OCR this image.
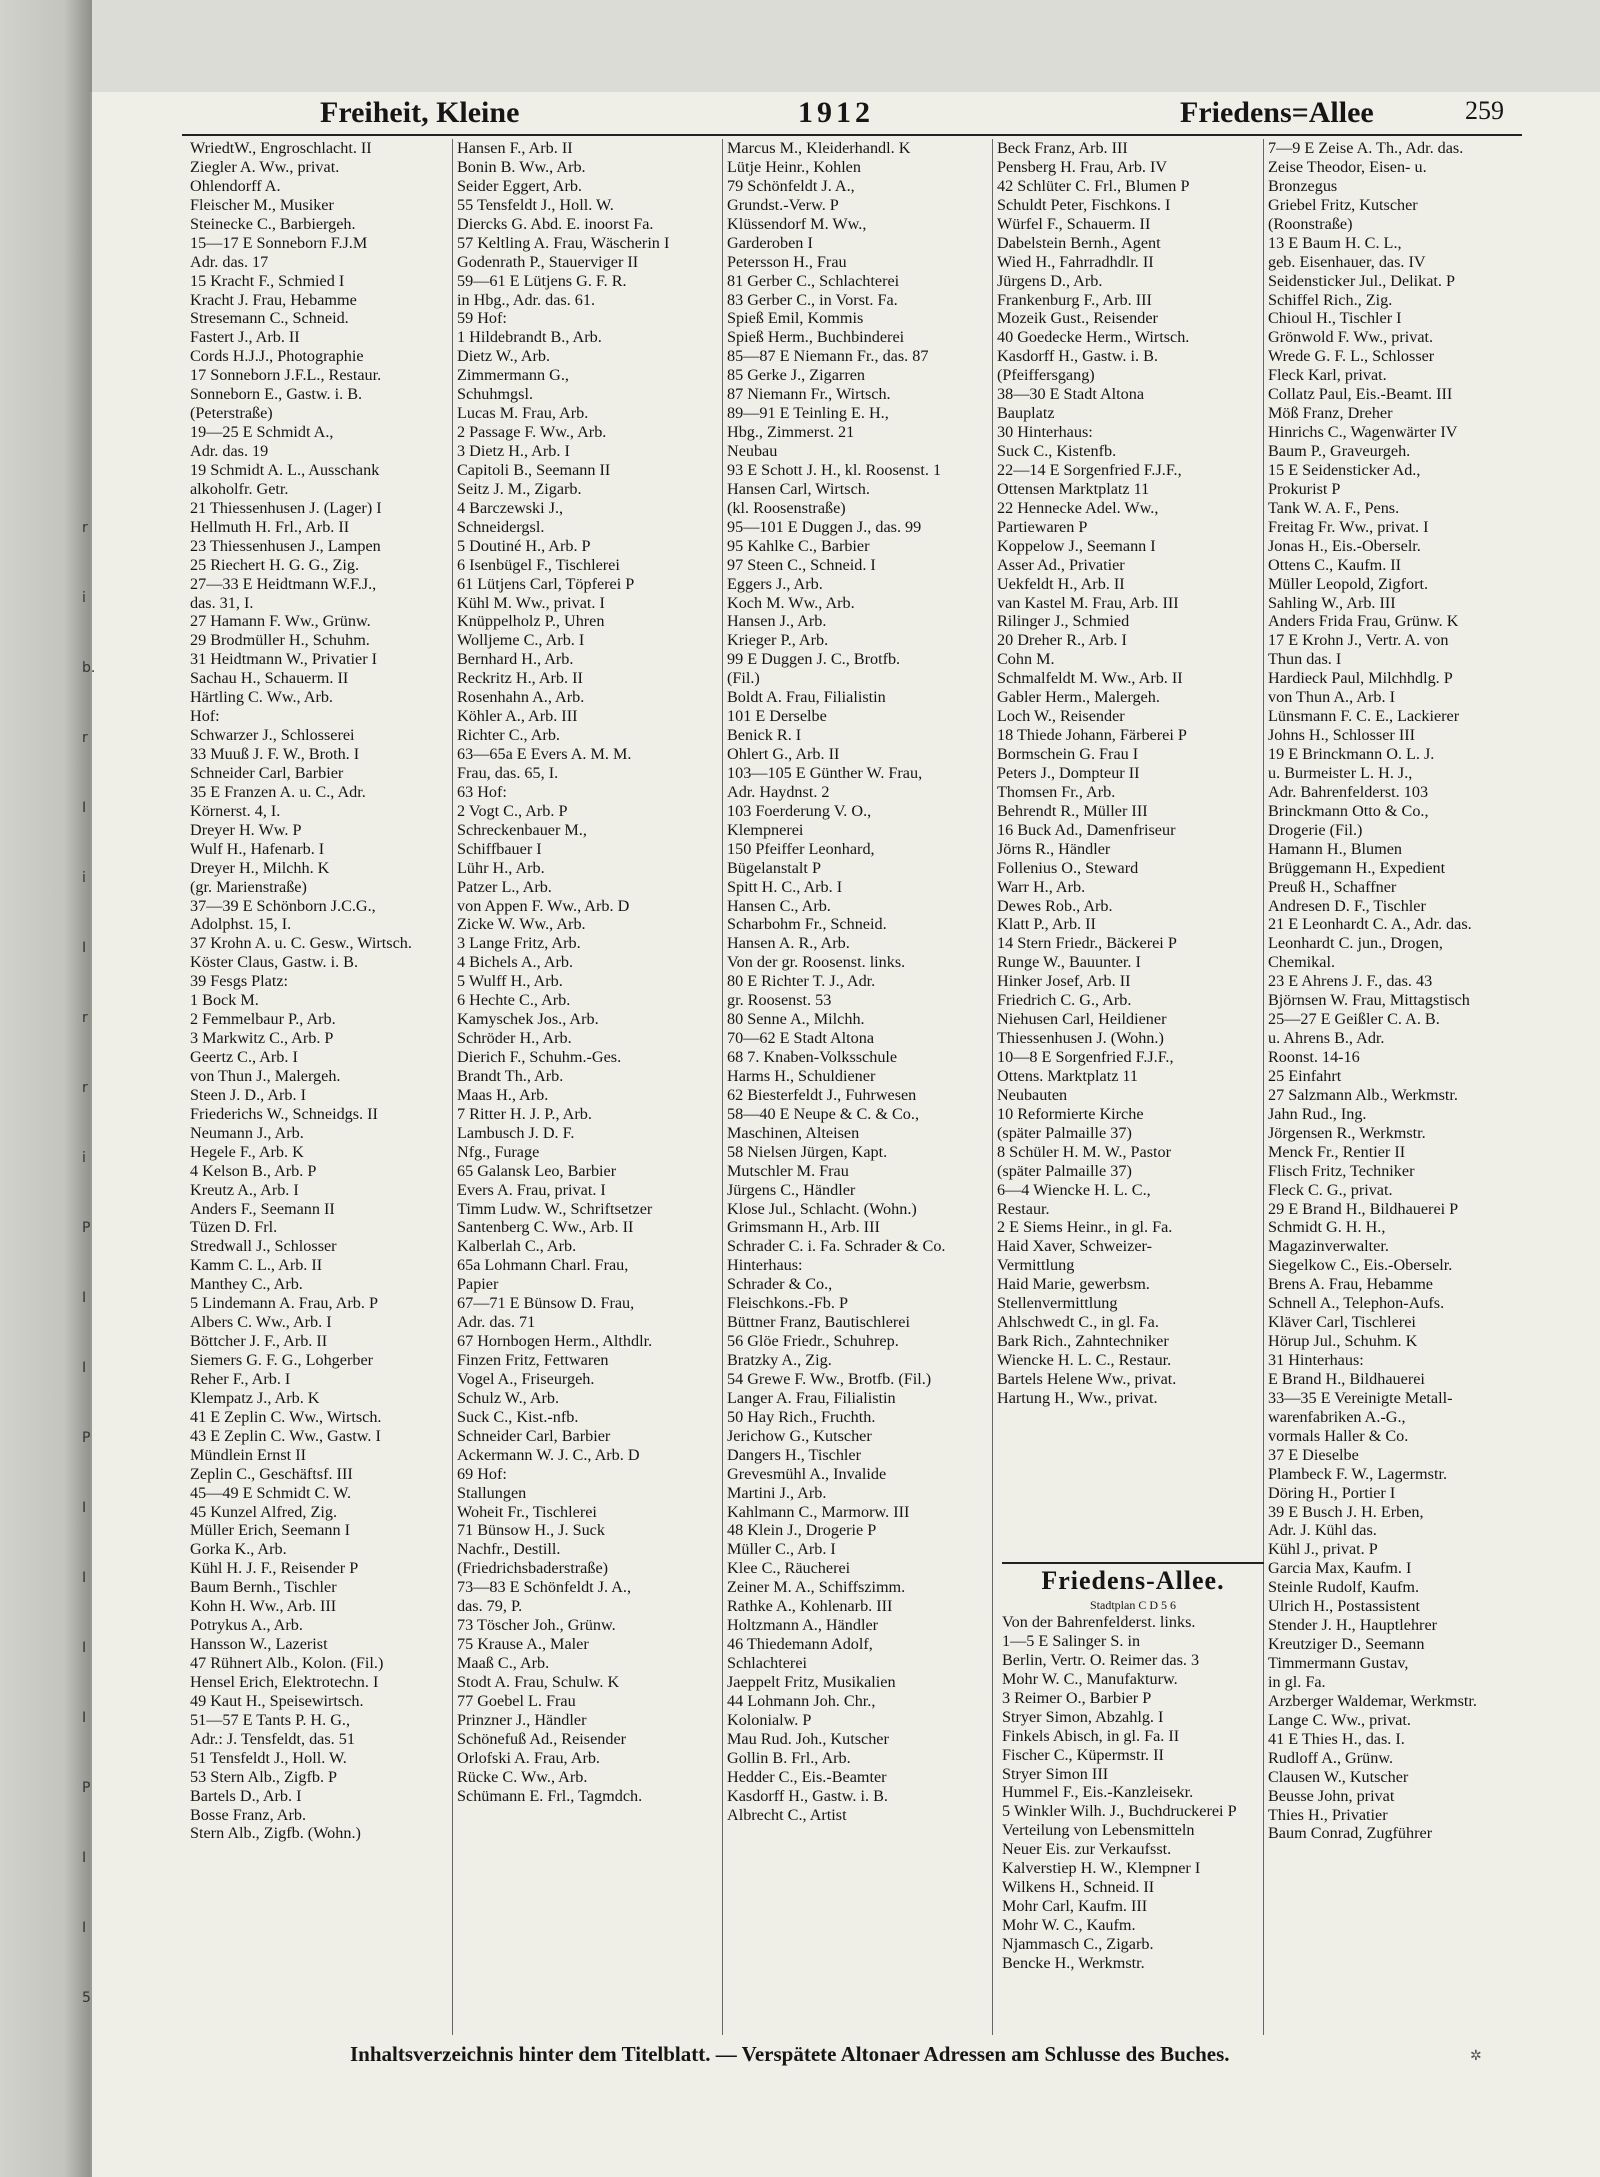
r
i
b.
r
I
i
I
r
r
i
P
I
I
P
I
I
I
I
P
I
I
5
Freiheit, Kleine	1912	Friedens=Allee	259
WriedtW., Engroschlacht. II
Ziegler A. Ww., privat.
Ohlendorff A.
Fleischer M., Musiker
Steinecke C., Barbiergeh.
15—17 E Sonneborn F.J.M
Adr. das. 17
15 Kracht F., Schmied I
Kracht J. Frau, Hebamme
Stresemann C., Schneid.
Fastert J., Arb. II
Cords H.J.J., Photographie
17 Sonneborn J.F.L., Restaur.
Sonneborn E., Gastw. i. B.
(Peterstraße)
19—25 E Schmidt A.,
Adr. das. 19
19 Schmidt A. L., Ausschank
alkoholfr. Getr.
21 Thiessenhusen J. (Lager) I
Hellmuth H. Frl., Arb. II
23 Thiessenhusen J., Lampen
25 Riechert H. G. G., Zig.
27—33 E Heidtmann W.F.J.,
das. 31, I.
27 Hamann F. Ww., Grünw.
29 Brodmüller H., Schuhm.
31 Heidtmann W., Privatier I
Sachau H., Schauerm. II
Härtling C. Ww., Arb.
Hof:
Schwarzer J., Schlosserei
33 Muuß J. F. W., Broth. I
Schneider Carl, Barbier
35 E Franzen A. u. C., Adr.
Körnerst. 4, I.
Dreyer H. Ww. P
Wulf H., Hafenarb. I
Dreyer H., Milchh. K
(gr. Marienstraße)
37—39 E Schönborn J.C.G.,
Adolphst. 15, I.
37 Krohn A. u. C. Gesw., Wirtsch.
Köster Claus, Gastw. i. B.
39 Fesgs Platz:
1 Bock M.
2 Femmelbaur P., Arb.
3 Markwitz C., Arb. P
Geertz C., Arb. I
von Thun J., Malergeh.
Steen J. D., Arb. I
Friederichs W., Schneidgs. II
Neumann J., Arb.
Hegele F., Arb. K
4 Kelson B., Arb. P
Kreutz A., Arb. I
Anders F., Seemann II
Tüzen D. Frl.
Stredwall J., Schlosser
Kamm C. L., Arb. II
Manthey C., Arb.
5 Lindemann A. Frau, Arb. P
Albers C. Ww., Arb. I
Böttcher J. F., Arb. II
Siemers G. F. G., Lohgerber
Reher F., Arb. I
Klempatz J., Arb. K
41 E Zeplin C. Ww., Wirtsch.
43 E Zeplin C. Ww., Gastw. I
Mündlein Ernst II
Zeplin C., Geschäftsf. III
45—49 E Schmidt C. W.
45 Kunzel Alfred, Zig.
Müller Erich, Seemann I
Gorka K., Arb.
Kühl H. J. F., Reisender P
Baum Bernh., Tischler
Kohn H. Ww., Arb. III
Potrykus A., Arb.
Hansson W., Lazerist
47 Rühnert Alb., Kolon. (Fil.)
Hensel Erich, Elektrotechn. I
49 Kaut H., Speisewirtsch.
51—57 E Tants P. H. G.,
Adr.: J. Tensfeldt, das. 51
51 Tensfeldt J., Holl. W.
53 Stern Alb., Zigfb. P
Bartels D., Arb. I
Bosse Franz, Arb.
Stern Alb., Zigfb. (Wohn.)
Hansen F., Arb. II
Bonin B. Ww., Arb.
Seider Eggert, Arb.
55 Tensfeldt J., Holl. W.
Diercks G. Abd. E. inoorst Fa.
57 Keltling A. Frau, Wäscherin I
Godenrath P., Stauerviger II
59—61 E Lütjens G. F. R.
in Hbg., Adr. das. 61.
59 Hof:
1 Hildebrandt B., Arb.
Dietz W., Arb.
Zimmermann G.,
Schuhmgsl.
Lucas M. Frau, Arb.
2 Passage F. Ww., Arb.
3 Dietz H., Arb. I
Capitoli B., Seemann II
Seitz J. M., Zigarb.
4 Barczewski J.,
Schneidergsl.
5 Doutiné H., Arb. P
6 Isenbügel F., Tischlerei
61 Lütjens Carl, Töpferei P
Kühl M. Ww., privat. I
Knüppelholz P., Uhren
Wolljeme C., Arb. I
Bernhard H., Arb.
Reckritz H., Arb. II
Rosenhahn A., Arb.
Köhler A., Arb. III
Richter C., Arb.
63—65a E Evers A. M. M.
Frau, das. 65, I.
63 Hof:
2 Vogt C., Arb. P
Schreckenbauer M.,
Schiffbauer I
Lühr H., Arb.
Patzer L., Arb.
von Appen F. Ww., Arb. D
Zicke W. Ww., Arb.
3 Lange Fritz, Arb.
4 Bichels A., Arb.
5 Wulff H., Arb.
6 Hechte C., Arb.
Kamyschek Jos., Arb.
Schröder H., Arb.
Dierich F., Schuhm.-Ges.
Brandt Th., Arb.
Maas H., Arb.
7 Ritter H. J. P., Arb.
Lambusch J. D. F.
Nfg., Furage
65 Galansk Leo, Barbier
Evers A. Frau, privat. I
Timm Ludw. W., Schriftsetzer
Santenberg C. Ww., Arb. II
Kalberlah C., Arb.
65a Lohmann Charl. Frau,
Papier
67—71 E Bünsow D. Frau,
Adr. das. 71
67 Hornbogen Herm., Althdlr.
Finzen Fritz, Fettwaren
Vogel A., Friseurgeh.
Schulz W., Arb.
Suck C., Kist.-nfb.
Schneider Carl, Barbier
Ackermann W. J. C., Arb. D
69 Hof:
Stallungen
Woheit Fr., Tischlerei
71 Bünsow H., J. Suck
Nachfr., Destill.
(Friedrichsbaderstraße)
73—83 E Schönfeldt J. A.,
das. 79, P.
73 Töscher Joh., Grünw.
75 Krause A., Maler
Maaß C., Arb.
Stodt A. Frau, Schulw. K
77 Goebel L. Frau
Prinzner J., Händler
Schönefuß Ad., Reisender
Orlofski A. Frau, Arb.
Rücke C. Ww., Arb.
Schümann E. Frl., Tagmdch.
Marcus M., Kleiderhandl. K
Lütje Heinr., Kohlen
79 Schönfeldt J. A.,
Grundst.-Verw. P
Klüssendorf M. Ww.,
Garderoben I
Petersson H., Frau
81 Gerber C., Schlachterei
83 Gerber C., in Vorst. Fa.
Spieß Emil, Kommis
Spieß Herm., Buchbinderei
85—87 E Niemann Fr., das. 87
85 Gerke J., Zigarren
87 Niemann Fr., Wirtsch.
89—91 E Teinling E. H.,
Hbg., Zimmerst. 21
Neubau
93 E Schott J. H., kl. Roosenst. 1
Hansen Carl, Wirtsch.
(kl. Roosenstraße)
95—101 E Duggen J., das. 99
95 Kahlke C., Barbier
97 Steen C., Schneid. I
Eggers J., Arb.
Koch M. Ww., Arb.
Hansen J., Arb.
Krieger P., Arb.
99 E Duggen J. C., Brotfb.
(Fil.)
Boldt A. Frau, Filialistin
101 E Derselbe
Benick R. I
Ohlert G., Arb. II
103—105 E Günther W. Frau,
Adr. Haydnst. 2
103 Foerderung V. O.,
Klempnerei
150 Pfeiffer Leonhard,
Bügelanstalt P
Spitt H. C., Arb. I
Hansen C., Arb.
Scharbohm Fr., Schneid.
Hansen A. R., Arb.
Von der gr. Roosenst. links.
80 E Richter T. J., Adr.
gr. Roosenst. 53
80 Senne A., Milchh.
70—62 E Stadt Altona
68 7. Knaben-Volksschule
Harms H., Schuldiener
62 Biesterfeldt J., Fuhrwesen
58—40 E Neupe & C. & Co.,
Maschinen, Alteisen
58 Nielsen Jürgen, Kapt.
Mutschler M. Frau
Jürgens C., Händler
Klose Jul., Schlacht. (Wohn.)
Grimsmann H., Arb. III
Schrader C. i. Fa. Schrader & Co.
Hinterhaus:
Schrader & Co.,
Fleischkons.-Fb. P
Büttner Franz, Bautischlerei
56 Glöe Friedr., Schuhrep.
Bratzky A., Zig.
54 Grewe F. Ww., Brotfb. (Fil.)
Langer A. Frau, Filialistin
50 Hay Rich., Fruchth.
Jerichow G., Kutscher
Dangers H., Tischler
Grevesmühl A., Invalide
Martini J., Arb.
Kahlmann C., Marmorw. III
48 Klein J., Drogerie P
Müller C., Arb. I
Klee C., Räucherei
Zeiner M. A., Schiffszimm.
Rathke A., Kohlenarb. III
Holtzmann A., Händler
46 Thiedemann Adolf,
Schlachterei
Jaeppelt Fritz, Musikalien
44 Lohmann Joh. Chr.,
Kolonialw. P
Mau Rud. Joh., Kutscher
Gollin B. Frl., Arb.
Hedder C., Eis.-Beamter
Kasdorff H., Gastw. i. B.
Albrecht C., Artist
Beck Franz, Arb. III
Pensberg H. Frau, Arb. IV
42 Schlüter C. Frl., Blumen P
Schuldt Peter, Fischkons. I
Würfel F., Schauerm. II
Dabelstein Bernh., Agent
Wied H., Fahrradhdlr. II
Jürgens D., Arb.
Frankenburg F., Arb. III
Mozeik Gust., Reisender
40 Goedecke Herm., Wirtsch.
Kasdorff H., Gastw. i. B.
(Pfeiffersgang)
38—30 E Stadt Altona
Bauplatz
30 Hinterhaus:
Suck C., Kistenfb.
22—14 E Sorgenfried F.J.F.,
Ottensen Marktplatz 11
22 Hennecke Adel. Ww.,
Partiewaren P
Koppelow J., Seemann I
Asser Ad., Privatier
Uekfeldt H., Arb. II
van Kastel M. Frau, Arb. III
Rilinger J., Schmied
20 Dreher R., Arb. I
Cohn M.
Schmalfeldt M. Ww., Arb. II
Gabler Herm., Malergeh.
Loch W., Reisender
18 Thiede Johann, Färberei P
Bormschein G. Frau I
Peters J., Dompteur II
Thomsen Fr., Arb.
Behrendt R., Müller III
16 Buck Ad., Damenfriseur
Jörns R., Händler
Follenius O., Steward
Warr H., Arb.
Dewes Rob., Arb.
Klatt P., Arb. II
14 Stern Friedr., Bäckerei P
Runge W., Bauunter. I
Hinker Josef, Arb. II
Friedrich C. G., Arb.
Niehusen Carl, Heildiener
Thiessenhusen J. (Wohn.)
10—8 E Sorgenfried F.J.F.,
Ottens. Marktplatz 11
Neubauten
10 Reformierte Kirche
(später Palmaille 37)
8 Schüler H. M. W., Pastor
(später Palmaille 37)
6—4 Wiencke H. L. C.,
Restaur.
2 E Siems Heinr., in gl. Fa.
Haid Xaver, Schweizer-
Vermittlung
Haid Marie, gewerbsm.
Stellenvermittlung
Ahlschwedt C., in gl. Fa.
Bark Rich., Zahntechniker
Wiencke H. L. C., Restaur.
Bartels Helene Ww., privat.
Hartung H., Ww., privat.
7—9 E Zeise A. Th., Adr. das.
Zeise Theodor, Eisen- u.
Bronzegus
Griebel Fritz, Kutscher
(Roonstraße)
13 E Baum H. C. L.,
geb. Eisenhauer, das. IV
Seidensticker Jul., Delikat. P
Schiffel Rich., Zig.
Chioul H., Tischler I
Grönwold F. Ww., privat.
Wrede G. F. L., Schlosser
Fleck Karl, privat.
Collatz Paul, Eis.-Beamt. III
Möß Franz, Dreher
Hinrichs C., Wagenwärter IV
Baum P., Graveurgeh.
15 E Seidensticker Ad.,
Prokurist P
Tank W. A. F., Pens.
Freitag Fr. Ww., privat. I
Jonas H., Eis.-Oberselr.
Ottens C., Kaufm. II
Müller Leopold, Zigfort.
Sahling W., Arb. III
Anders Frida Frau, Grünw. K
17 E Krohn J., Vertr. A. von
Thun das. I
Hardieck Paul, Milchhdlg. P
von Thun A., Arb. I
Lünsmann F. C. E., Lackierer
Johns H., Schlosser III
19 E Brinckmann O. L. J.
u. Burmeister L. H. J.,
Adr. Bahrenfelderst. 103
Brinckmann Otto & Co.,
Drogerie (Fil.)
Hamann H., Blumen
Brüggemann H., Expedient
Preuß H., Schaffner
Andresen D. F., Tischler
21 E Leonhardt C. A., Adr. das.
Leonhardt C. jun., Drogen,
Chemikal.
23 E Ahrens J. F., das. 43
Björnsen W. Frau, Mittagstisch
25—27 E Geißler C. A. B.
u. Ahrens B., Adr.
Roonst. 14-16
25 Einfahrt
27 Salzmann Alb., Werkmstr.
Jahn Rud., Ing.
Jörgensen R., Werkmstr.
Menck Fr., Rentier II
Flisch Fritz, Techniker
Fleck C. G., privat.
29 E Brand H., Bildhauerei P
Schmidt G. H. H.,
Magazinverwalter.
Siegelkow C., Eis.-Oberselr.
Brens A. Frau, Hebamme
Schnell A., Telephon-Aufs.
Kläver Carl, Tischlerei
Hörup Jul., Schuhm. K
31 Hinterhaus:
E Brand H., Bildhauerei
33—35 E Vereinigte Metall-
warenfabriken A.-G.,
vormals Haller & Co.
37 E Dieselbe
Plambeck F. W., Lagermstr.
Döring H., Portier I
39 E Busch J. H. Erben,
Adr. J. Kühl das.
Kühl J., privat. P
Garcia Max, Kaufm. I
Steinle Rudolf, Kaufm.
Ulrich H., Postassistent
Stender J. H., Hauptlehrer
Kreutziger D., Seemann
Timmermann Gustav,
in gl. Fa.
Arzberger Waldemar, Werkmstr.
Lange C. Ww., privat.
41 E Thies H., das. I.
Rudloff A., Grünw.
Clausen W., Kutscher
Beusse John, privat
Thies H., Privatier
Baum Conrad, Zugführer
Friedens-Allee.
Stadtplan C D 5 6
Von der Bahrenfelderst. links.
1—5 E Salinger S. in
Berlin, Vertr. O. Reimer das. 3
Mohr W. C., Manufakturw.
3 Reimer O., Barbier P
Stryer Simon, Abzahlg. I
Finkels Abisch, in gl. Fa. II
Fischer C., Küpermstr. II
Stryer Simon III
Hummel F., Eis.-Kanzleisekr.
5 Winkler Wilh. J., Buchdruckerei P
Verteilung von Lebensmitteln
Neuer Eis. zur Verkaufsst.
Kalverstiep H. W., Klempner I
Wilkens H., Schneid. II
Mohr Carl, Kaufm. III
Mohr W. C., Kaufm.
Njammasch C., Zigarb.
Bencke H., Werkmstr.
Inhaltsverzeichnis hinter dem Titelblatt. — Verspätete Altonaer Adressen am Schlusse des Buches.	✲
